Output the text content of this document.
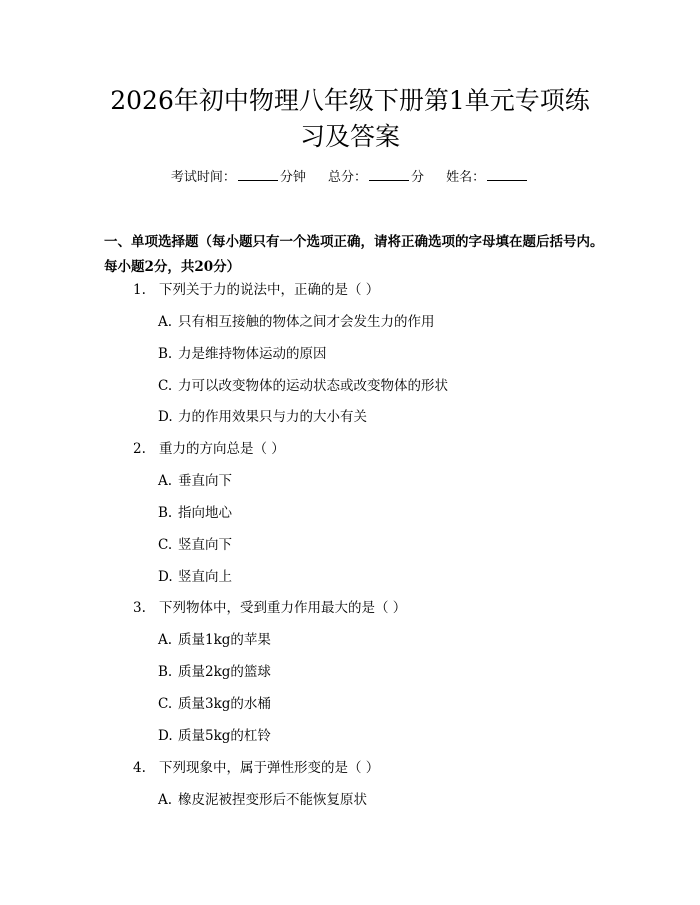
2026年初中物理八年级下册第1单元专项练
习及答案
考试时间：	分钟 总分：	分 姓名：

一、单项选择题（每小题只有一个选项正确，请将正确选项的字母填在题后括号内。每小题2分，共20分）

1. 下列关于力的说法中，正确的是（ ）
A. 只有相互接触的物体之间才会发生力的作用
B. 力是维持物体运动的原因
C. 力可以改变物体的运动状态或改变物体的形状
D. 力的作用效果只与力的大小有关
2. 重力的方向总是（ ）
A. 垂直向下
B. 指向地心
C. 竖直向下
D. 竖直向上
3. 下列物体中，受到重力作用最大的是（ ）
A. 质量1kg的苹果
B. 质量2kg的篮球
C. 质量3kg的水桶
D. 质量5kg的杠铃
4. 下列现象中，属于弹性形变的是（ ）
A. 橡皮泥被捏变形后不能恢复原状
